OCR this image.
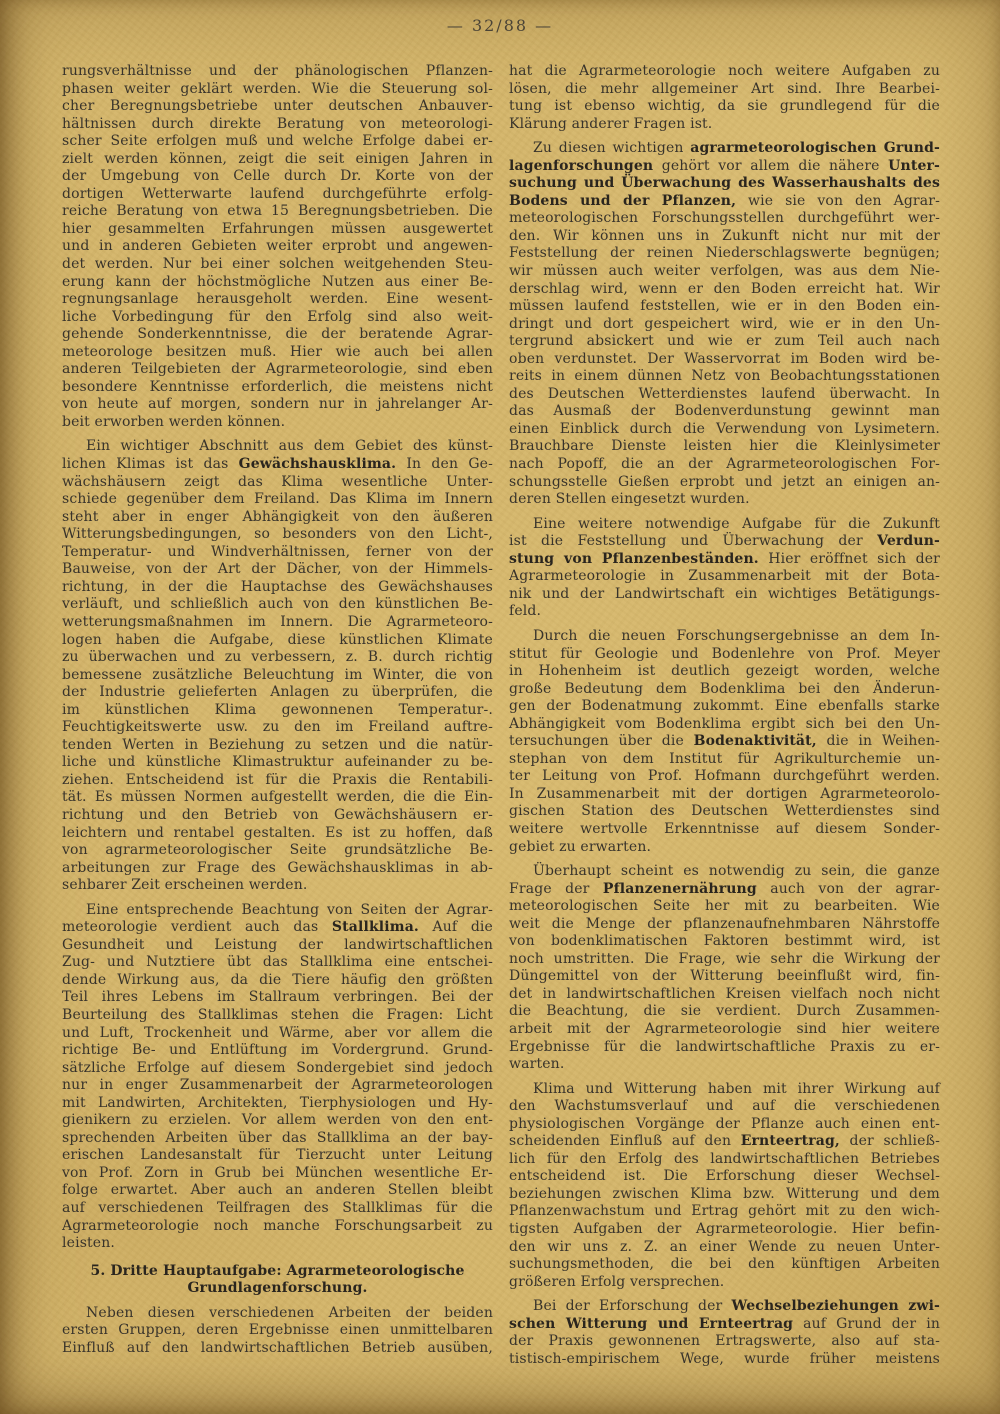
— 32/88 —
rungsverhältnisse und der phänologischen Pflanzen-
phasen weiter geklärt werden. Wie die Steuerung sol-
cher Beregnungsbetriebe unter deutschen Anbauver-
hältnissen durch direkte Beratung von meteorologi-
scher Seite erfolgen muß und welche Erfolge dabei er-
zielt werden können, zeigt die seit einigen Jahren in
der Umgebung von Celle durch Dr. Korte von der
dortigen Wetterwarte laufend durchgeführte erfolg-
reiche Beratung von etwa 15 Beregnungsbetrieben. Die
hier gesammelten Erfahrungen müssen ausgewertet
und in anderen Gebieten weiter erprobt und angewen-
det werden. Nur bei einer solchen weitgehenden Steu-
erung kann der höchstmögliche Nutzen aus einer Be-
regnungsanlage herausgeholt werden. Eine wesent-
liche Vorbedingung für den Erfolg sind also weit-
gehende Sonderkenntnisse, die der beratende Agrar-
meteorologe besitzen muß. Hier wie auch bei allen
anderen Teilgebieten der Agrarmeteorologie, sind eben
besondere Kenntnisse erforderlich, die meistens nicht
von heute auf morgen, sondern nur in jahrelanger Ar-
beit erworben werden können.
Ein wichtiger Abschnitt aus dem Gebiet des künst-
lichen Klimas ist das Gewächshausklima. In den Ge-
wächshäusern zeigt das Klima wesentliche Unter-
schiede gegenüber dem Freiland. Das Klima im Innern
steht aber in enger Abhängigkeit von den äußeren
Witterungsbedingungen, so besonders von den Licht-,
Temperatur- und Windverhältnissen, ferner von der
Bauweise, von der Art der Dächer, von der Himmels-
richtung, in der die Hauptachse des Gewächshauses
verläuft, und schließlich auch von den künstlichen Be-
wetterungsmaßnahmen im Innern. Die Agrarmeteoro-
logen haben die Aufgabe, diese künstlichen Klimate
zu überwachen und zu verbessern, z. B. durch richtig
bemessene zusätzliche Beleuchtung im Winter, die von
der Industrie gelieferten Anlagen zu überprüfen, die
im künstlichen Klima gewonnenen Temperatur-.
Feuchtigkeitswerte usw. zu den im Freiland auftre-
tenden Werten in Beziehung zu setzen und die natür-
liche und künstliche Klimastruktur aufeinander zu be-
ziehen. Entscheidend ist für die Praxis die Rentabili-
tät. Es müssen Normen aufgestellt werden, die die Ein-
richtung und den Betrieb von Gewächshäusern er-
leichtern und rentabel gestalten. Es ist zu hoffen, daß
von agrarmeteorologischer Seite grundsätzliche Be-
arbeitungen zur Frage des Gewächshausklimas in ab-
sehbarer Zeit erscheinen werden.
Eine entsprechende Beachtung von Seiten der Agrar-
meteorologie verdient auch das Stallklima. Auf die
Gesundheit und Leistung der landwirtschaftlichen
Zug- und Nutztiere übt das Stallklima eine entschei-
dende Wirkung aus, da die Tiere häufig den größten
Teil ihres Lebens im Stallraum verbringen. Bei der
Beurteilung des Stallklimas stehen die Fragen: Licht
und Luft, Trockenheit und Wärme, aber vor allem die
richtige Be- und Entlüftung im Vordergrund. Grund-
sätzliche Erfolge auf diesem Sondergebiet sind jedoch
nur in enger Zusammenarbeit der Agrarmeteorologen
mit Landwirten, Architekten, Tierphysiologen und Hy-
gienikern zu erzielen. Vor allem werden von den ent-
sprechenden Arbeiten über das Stallklima an der bay-
erischen Landesanstalt für Tierzucht unter Leitung
von Prof. Zorn in Grub bei München wesentliche Er-
folge erwartet. Aber auch an anderen Stellen bleibt
auf verschiedenen Teilfragen des Stallklimas für die
Agrarmeteorologie noch manche Forschungsarbeit zu
leisten.
5. Dritte Hauptaufgabe: Agrarmeteorologische
Grundlagenforschung.
Neben diesen verschiedenen Arbeiten der beiden
ersten Gruppen, deren Ergebnisse einen unmittelbaren
Einfluß auf den landwirtschaftlichen Betrieb ausüben,
hat die Agrarmeteorologie noch weitere Aufgaben zu
lösen, die mehr allgemeiner Art sind. Ihre Bearbei-
tung ist ebenso wichtig, da sie grundlegend für die
Klärung anderer Fragen ist.
Zu diesen wichtigen agrarmeteorologischen Grund-
lagenforschungen gehört vor allem die nähere Unter-
suchung und Überwachung des Wasserhaushalts des
Bodens und der Pflanzen, wie sie von den Agrar-
meteorologischen Forschungsstellen durchgeführt wer-
den. Wir können uns in Zukunft nicht nur mit der
Feststellung der reinen Niederschlagswerte begnügen;
wir müssen auch weiter verfolgen, was aus dem Nie-
derschlag wird, wenn er den Boden erreicht hat. Wir
müssen laufend feststellen, wie er in den Boden ein-
dringt und dort gespeichert wird, wie er in den Un-
tergrund absickert und wie er zum Teil auch nach
oben verdunstet. Der Wasservorrat im Boden wird be-
reits in einem dünnen Netz von Beobachtungsstationen
des Deutschen Wetterdienstes laufend überwacht. In
das Ausmaß der Bodenverdunstung gewinnt man
einen Einblick durch die Verwendung von Lysimetern.
Brauchbare Dienste leisten hier die Kleinlysimeter
nach Popoff, die an der Agrarmeteorologischen For-
schungsstelle Gießen erprobt und jetzt an einigen an-
deren Stellen eingesetzt wurden.
Eine weitere notwendige Aufgabe für die Zukunft
ist die Feststellung und Überwachung der Verdun-
stung von Pflanzenbeständen. Hier eröffnet sich der
Agrarmeteorologie in Zusammenarbeit mit der Bota-
nik und der Landwirtschaft ein wichtiges Betätigungs-
feld.
Durch die neuen Forschungsergebnisse an dem In-
stitut für Geologie und Bodenlehre von Prof. Meyer
in Hohenheim ist deutlich gezeigt worden, welche
große Bedeutung dem Bodenklima bei den Änderun-
gen der Bodenatmung zukommt. Eine ebenfalls starke
Abhängigkeit vom Bodenklima ergibt sich bei den Un-
tersuchungen über die Bodenaktivität, die in Weihen-
stephan von dem Institut für Agrikulturchemie un-
ter Leitung von Prof. Hofmann durchgeführt werden.
In Zusammenarbeit mit der dortigen Agrarmeteorolo-
gischen Station des Deutschen Wetterdienstes sind
weitere wertvolle Erkenntnisse auf diesem Sonder-
gebiet zu erwarten.
Überhaupt scheint es notwendig zu sein, die ganze
Frage der Pflanzenernährung auch von der agrar-
meteorologischen Seite her mit zu bearbeiten. Wie
weit die Menge der pflanzenaufnehmbaren Nährstoffe
von bodenklimatischen Faktoren bestimmt wird, ist
noch umstritten. Die Frage, wie sehr die Wirkung der
Düngemittel von der Witterung beeinflußt wird, fin-
det in landwirtschaftlichen Kreisen vielfach noch nicht
die Beachtung, die sie verdient. Durch Zusammen-
arbeit mit der Agrarmeteorologie sind hier weitere
Ergebnisse für die landwirtschaftliche Praxis zu er-
warten.
Klima und Witterung haben mit ihrer Wirkung auf
den Wachstumsverlauf und auf die verschiedenen
physiologischen Vorgänge der Pflanze auch einen ent-
scheidenden Einfluß auf den Ernteertrag, der schließ-
lich für den Erfolg des landwirtschaftlichen Betriebes
entscheidend ist. Die Erforschung dieser Wechsel-
beziehungen zwischen Klima bzw. Witterung und dem
Pflanzenwachstum und Ertrag gehört mit zu den wich-
tigsten Aufgaben der Agrarmeteorologie. Hier befin-
den wir uns z. Z. an einer Wende zu neuen Unter-
suchungsmethoden, die bei den künftigen Arbeiten
größeren Erfolg versprechen.
Bei der Erforschung der Wechselbeziehungen zwi-
schen Witterung und Ernteertrag auf Grund der in
der Praxis gewonnenen Ertragswerte, also auf sta-
tistisch-empirischem Wege, wurde früher meistens
